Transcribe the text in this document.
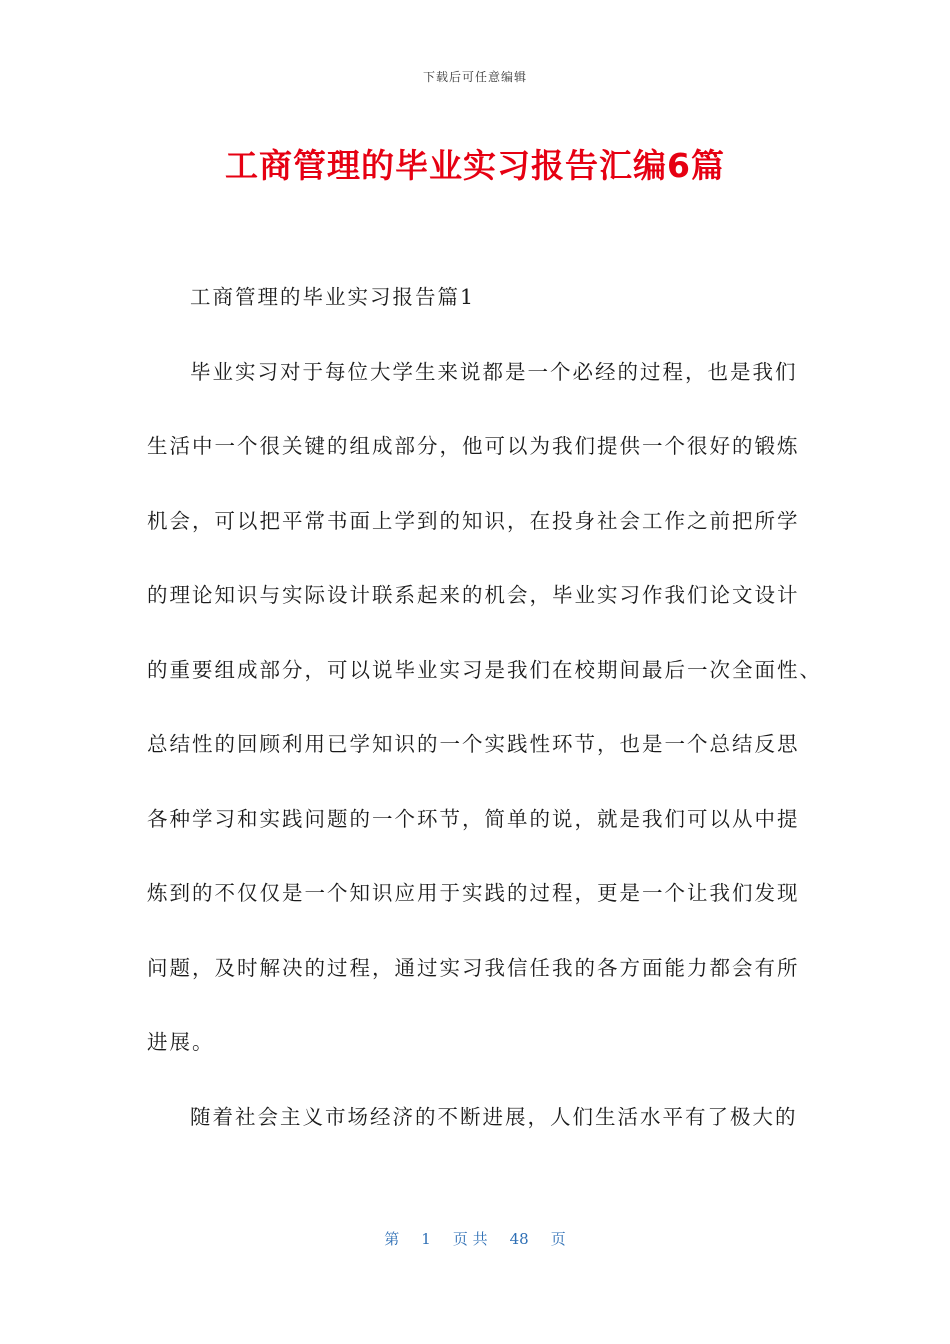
下载后可任意编辑
工商管理的毕业实习报告汇编6篇

工商管理的毕业实习报告篇1

毕业实习对于每位大学生来说都是一个必经的过程，也是我们

生活中一个很关键的组成部分，他可以为我们提供一个很好的锻炼

机会，可以把平常书面上学到的知识，在投身社会工作之前把所学

的理论知识与实际设计联系起来的机会，毕业实习作我们论文设计

的重要组成部分，可以说毕业实习是我们在校期间最后一次全面性、

总结性的回顾利用已学知识的一个实践性环节，也是一个总结反思

各种学习和实践问题的一个环节，简单的说，就是我们可以从中提

炼到的不仅仅是一个知识应用于实践的过程，更是一个让我们发现

问题，及时解决的过程，通过实习我信任我的各方面能力都会有所

进展。

随着社会主义市场经济的不断进展，人们生活水平有了极大的

第 1 页 共 48 页
